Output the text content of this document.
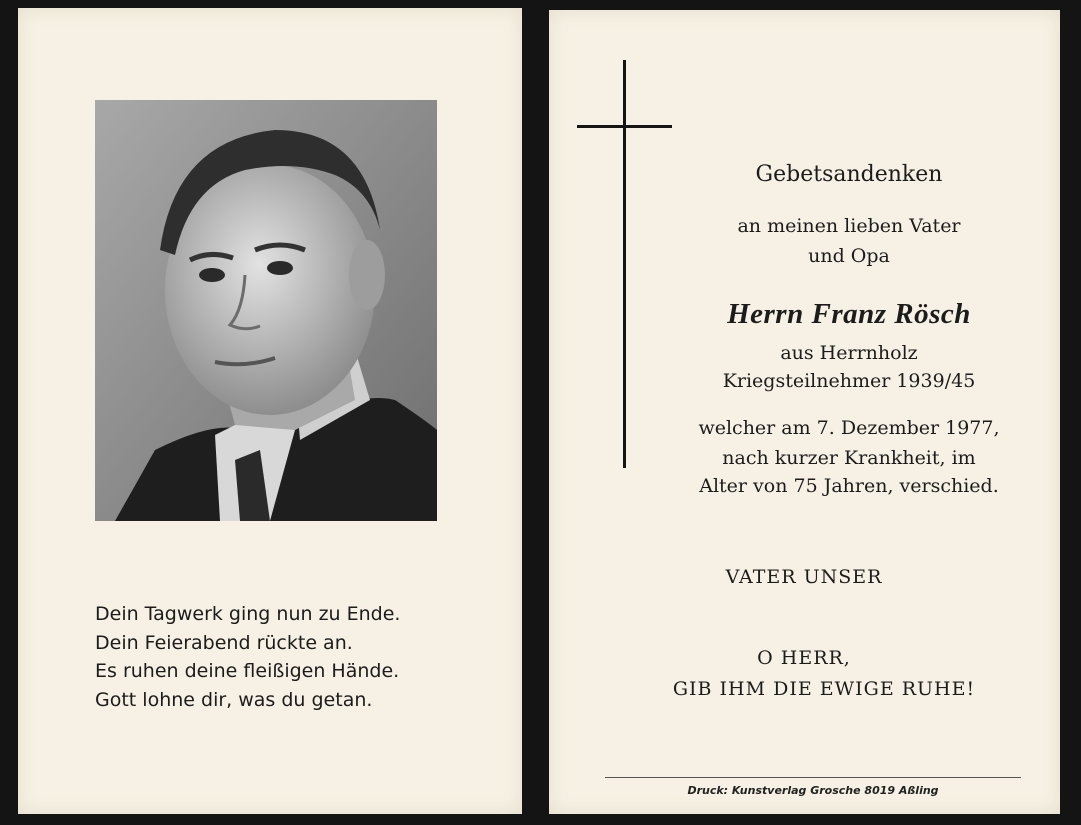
Dein Tagwerk ging nun zu Ende.
Dein Feierabend rückte an.
Es ruhen deine fleißigen Hände.
Gott lohne dir, was du getan.
Gebetsandenken
an meinen lieben Vater
und Opa
Herrn Franz Rösch
aus Herrnholz
Kriegsteilnehmer 1939/45
welcher am 7. Dezember 1977,
nach kurzer Krankheit, im
Alter von 75 Jahren, verschied.
VATER UNSER
O HERR,
GIB IHM DIE EWIGE RUHE!
Druck: Kunstverlag Grosche 8019 Aßling
